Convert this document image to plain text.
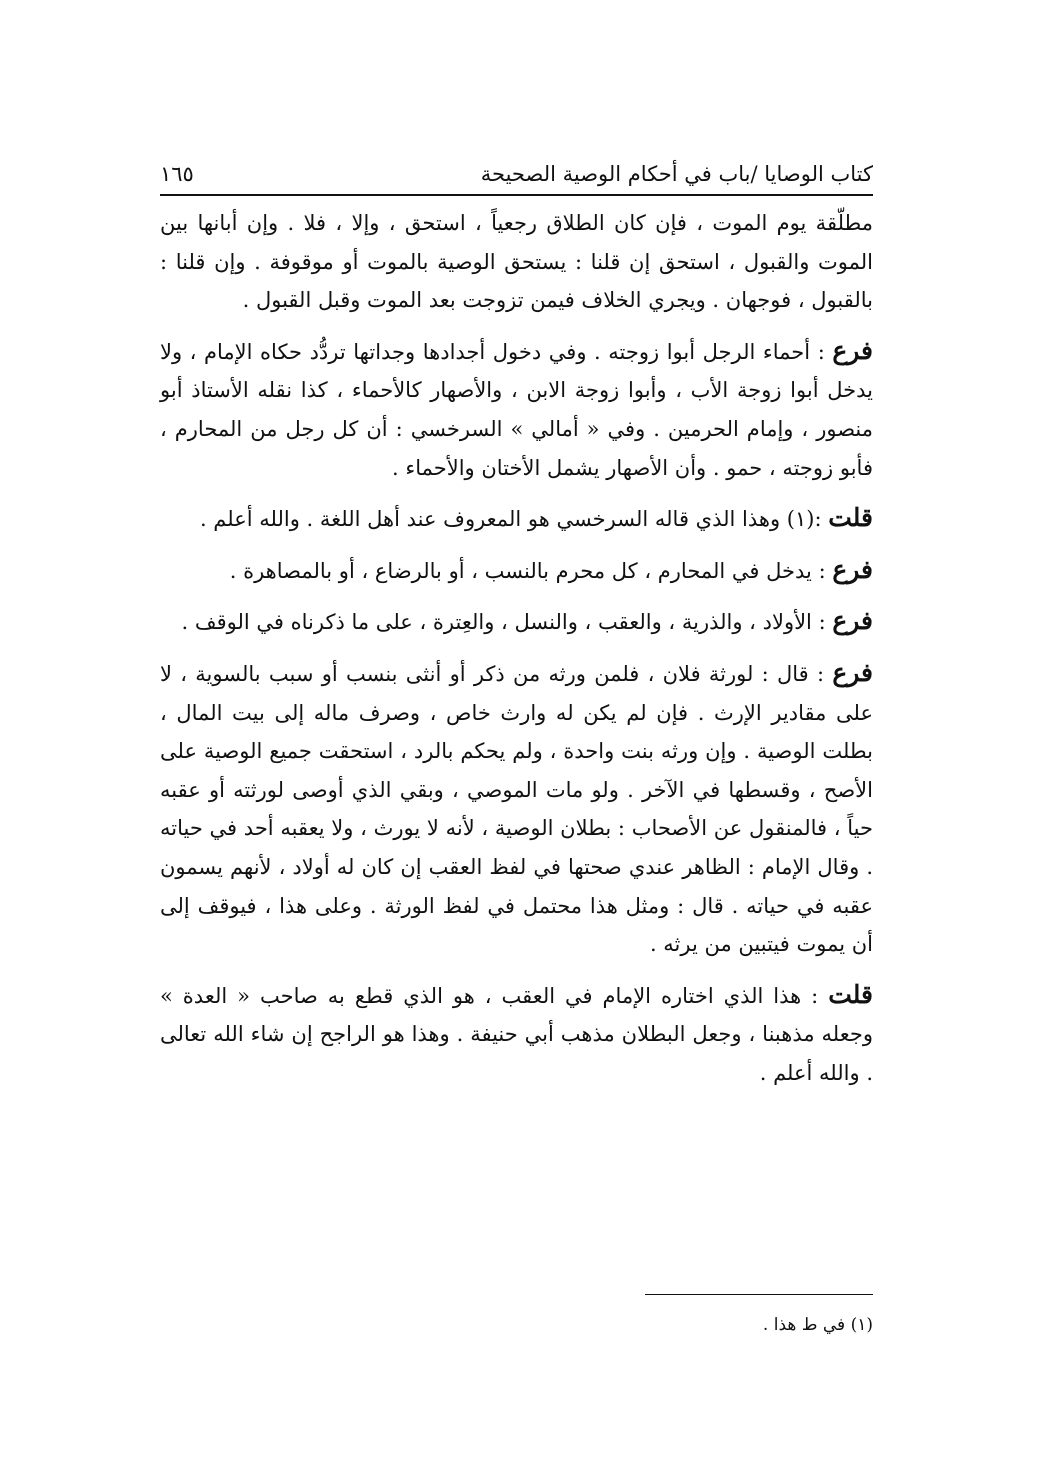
كتاب الوصايا /باب في أحكام الوصية الصحيحة
١٦٥

مطلّقة يوم الموت ، فإن كان الطلاق رجعياً ، استحق ، وإلا ، فلا . وإن أبانها بين الموت والقبول ، استحق إن قلنا : يستحق الوصية بالموت أو موقوفة . وإن قلنا : بالقبول ، فوجهان . ويجري الخلاف فيمن تزوجت بعد الموت وقبل القبول .

فرع : أحماء الرجل أبوا زوجته . وفي دخول أجدادها وجداتها تردُّد حكاه الإمام ، ولا يدخل أبوا زوجة الأب ، وأبوا زوجة الابن ، والأصهار كالأحماء ، كذا نقله الأستاذ أبو منصور ، وإمام الحرمين . وفي « أمالي » السرخسي : أن كل رجل من المحارم ، فأبو زوجته ، حمو . وأن الأصهار يشمل الأختان والأحماء .

قلت :(١) وهذا الذي قاله السرخسي هو المعروف عند أهل اللغة . والله أعلم .

فرع : يدخل في المحارم ، كل محرم بالنسب ، أو بالرضاع ، أو بالمصاهرة .

فرع : الأولاد ، والذرية ، والعقب ، والنسل ، والعِترة ، على ما ذكرناه في الوقف .

فرع : قال : لورثة فلان ، فلمن ورثه من ذكر أو أنثى بنسب أو سبب بالسوية ، لا على مقادير الإرث . فإن لم يكن له وارث خاص ، وصرف ماله إلى بيت المال ، بطلت الوصية . وإن ورثه بنت واحدة ، ولم يحكم بالرد ، استحقت جميع الوصية على الأصح ، وقسطها في الآخر . ولو مات الموصي ، وبقي الذي أوصى لورثته أو عقبه حياً ، فالمنقول عن الأصحاب : بطلان الوصية ، لأنه لا يورث ، ولا يعقبه أحد في حياته . وقال الإمام : الظاهر عندي صحتها في لفظ العقب إن كان له أولاد ، لأنهم يسمون عقبه في حياته . قال : ومثل هذا محتمل في لفظ الورثة . وعلى هذا ، فيوقف إلى أن يموت فيتبين من يرثه .

قلت : هذا الذي اختاره الإمام في العقب ، هو الذي قطع به صاحب « العدة » وجعله مذهبنا ، وجعل البطلان مذهب أبي حنيفة . وهذا هو الراجح إن شاء الله تعالى . والله أعلم .

(١) في ط هذا .
